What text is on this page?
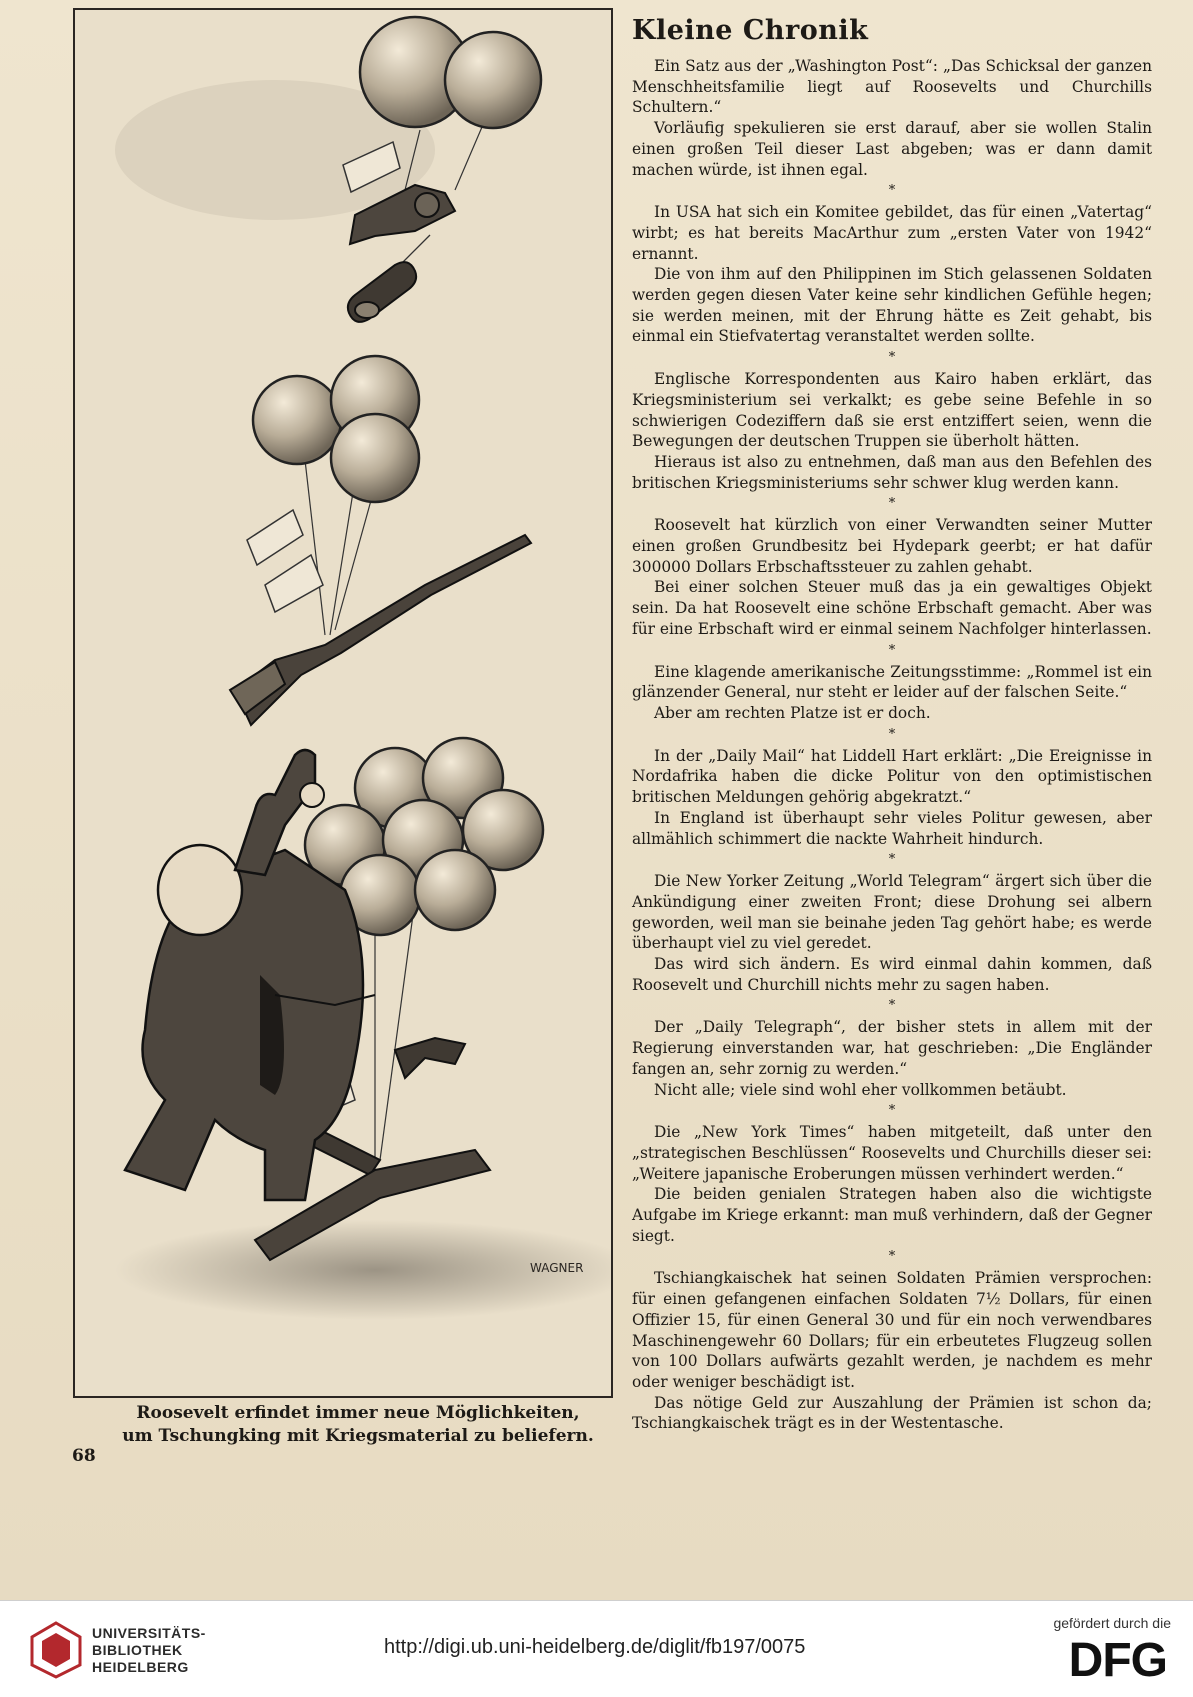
WAGNER
Roosevelt erfindet immer neue Möglichkeiten,
um Tschungking mit Kriegsmaterial zu beliefern.
68
Kleine Chronik

Ein Satz aus der „Washington Post“: „Das Schicksal der ganzen Menschheitsfamilie liegt auf Roosevelts und Churchills Schultern.“

Vorläufig spekulieren sie erst darauf, aber sie wollen Stalin einen großen Teil dieser Last abgeben; was er dann damit machen würde, ist ihnen egal.

*

In USA hat sich ein Komitee gebildet, das für einen „Vatertag“ wirbt; es hat bereits MacArthur zum „ersten Vater von 1942“ ernannt.

Die von ihm auf den Philippinen im Stich gelassenen Soldaten werden gegen diesen Vater keine sehr kindlichen Gefühle hegen; sie werden meinen, mit der Ehrung hätte es Zeit gehabt, bis einmal ein Stiefvatertag veranstaltet werden sollte.

*

Englische Korrespondenten aus Kairo haben erklärt, das Kriegsministerium sei verkalkt; es gebe seine Befehle in so schwierigen Codeziffern daß sie erst entziffert seien, wenn die Bewegungen der deutschen Truppen sie überholt hätten.

Hieraus ist also zu entnehmen, daß man aus den Befehlen des britischen Kriegsministeriums sehr schwer klug werden kann.

*

Roosevelt hat kürzlich von einer Verwandten seiner Mutter einen großen Grundbesitz bei Hydepark geerbt; er hat dafür 300000 Dollars Erbschaftssteuer zu zahlen gehabt.

Bei einer solchen Steuer muß das ja ein gewaltiges Objekt sein. Da hat Roosevelt eine schöne Erbschaft gemacht. Aber was für eine Erbschaft wird er einmal seinem Nachfolger hinterlassen.

*

Eine klagende amerikanische Zeitungsstimme: „Rommel ist ein glänzender General, nur steht er leider auf der falschen Seite.“

Aber am rechten Platze ist er doch.

*

In der „Daily Mail“ hat Liddell Hart erklärt: „Die Ereignisse in Nordafrika haben die dicke Politur von den optimistischen britischen Meldungen gehörig abgekratzt.“

In England ist überhaupt sehr vieles Politur gewesen, aber allmählich schimmert die nackte Wahrheit hindurch.

*

Die New Yorker Zeitung „World Telegram“ ärgert sich über die Ankündigung einer zweiten Front; diese Drohung sei albern geworden, weil man sie beinahe jeden Tag gehört habe; es werde überhaupt viel zu viel geredet.

Das wird sich ändern. Es wird einmal dahin kommen, daß Roosevelt und Churchill nichts mehr zu sagen haben.

*

Der „Daily Telegraph“, der bisher stets in allem mit der Regierung einverstanden war, hat geschrieben: „Die Engländer fangen an, sehr zornig zu werden.“

Nicht alle; viele sind wohl eher vollkommen betäubt.

*

Die „New York Times“ haben mitgeteilt, daß unter den „strategischen Beschlüssen“ Roosevelts und Churchills dieser sei: „Weitere japanische Eroberungen müssen verhindert werden.“

Die beiden genialen Strategen haben also die wichtigste Aufgabe im Kriege erkannt: man muß verhindern, daß der Gegner siegt.

*

Tschiangkaischek hat seinen Soldaten Prämien versprochen: für einen gefangenen einfachen Soldaten 7½ Dollars, für einen Offizier 15, für einen General 30 und für ein noch verwendbares Maschinengewehr 60 Dollars; für ein erbeutetes Flugzeug sollen von 100 Dollars aufwärts gezahlt werden, je nachdem es mehr oder weniger beschädigt ist.

Das nötige Geld zur Auszahlung der Prämien ist schon da; Tschiangkaischek trägt es in der Westentasche.

UNIVERSITÄTS-
BIBLIOTHEK
HEIDELBERG
http://digi.ub.uni-heidelberg.de/diglit/fb197/0075
gefördert durch die
DFG
